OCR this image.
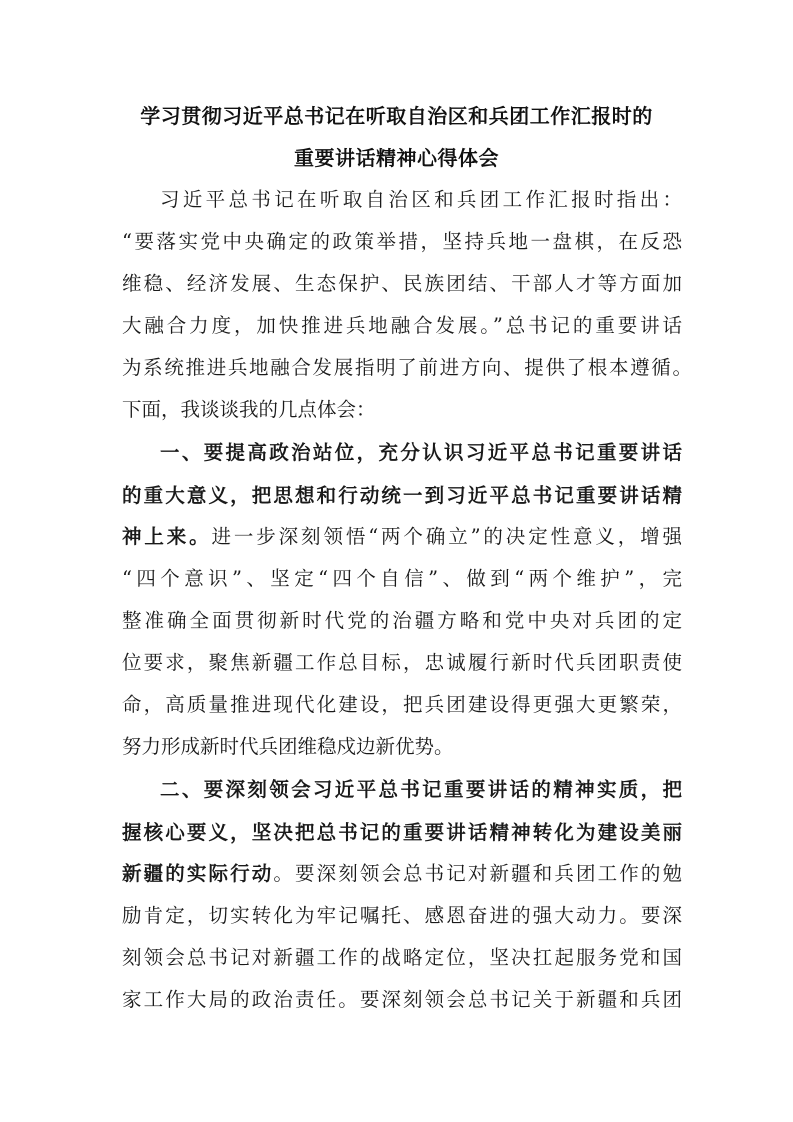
学习贯彻习近平总书记在听取自治区和兵团工作汇报时的
重要讲话精神心得体会
习近平总书记在听取自治区和兵团工作汇报时指出：
“要落实党中央确定的政策举措，坚持兵地一盘棋，在反恐
维稳、经济发展、生态保护、民族团结、干部人才等方面加
大融合力度，加快推进兵地融合发展。”总书记的重要讲话
为系统推进兵地融合发展指明了前进方向、提供了根本遵循。
下面，我谈谈我的几点体会：
一、要提高政治站位，充分认识习近平总书记重要讲话
的重大意义，把思想和行动统一到习近平总书记重要讲话精
神上来。进一步深刻领悟“两个确立”的决定性意义，增强
“四个意识”、坚定“四个自信”、做到“两个维护”，完
整准确全面贯彻新时代党的治疆方略和党中央对兵团的定
位要求，聚焦新疆工作总目标，忠诚履行新时代兵团职责使
命，高质量推进现代化建设，把兵团建设得更强大更繁荣，
努力形成新时代兵团维稳戍边新优势。
二、要深刻领会习近平总书记重要讲话的精神实质，把
握核心要义，坚决把总书记的重要讲话精神转化为建设美丽
新疆的实际行动。要深刻领会总书记对新疆和兵团工作的勉
励肯定，切实转化为牢记嘱托、感恩奋进的强大动力。要深
刻领会总书记对新疆工作的战略定位，坚决扛起服务党和国
家工作大局的政治责任。要深刻领会总书记关于新疆和兵团
